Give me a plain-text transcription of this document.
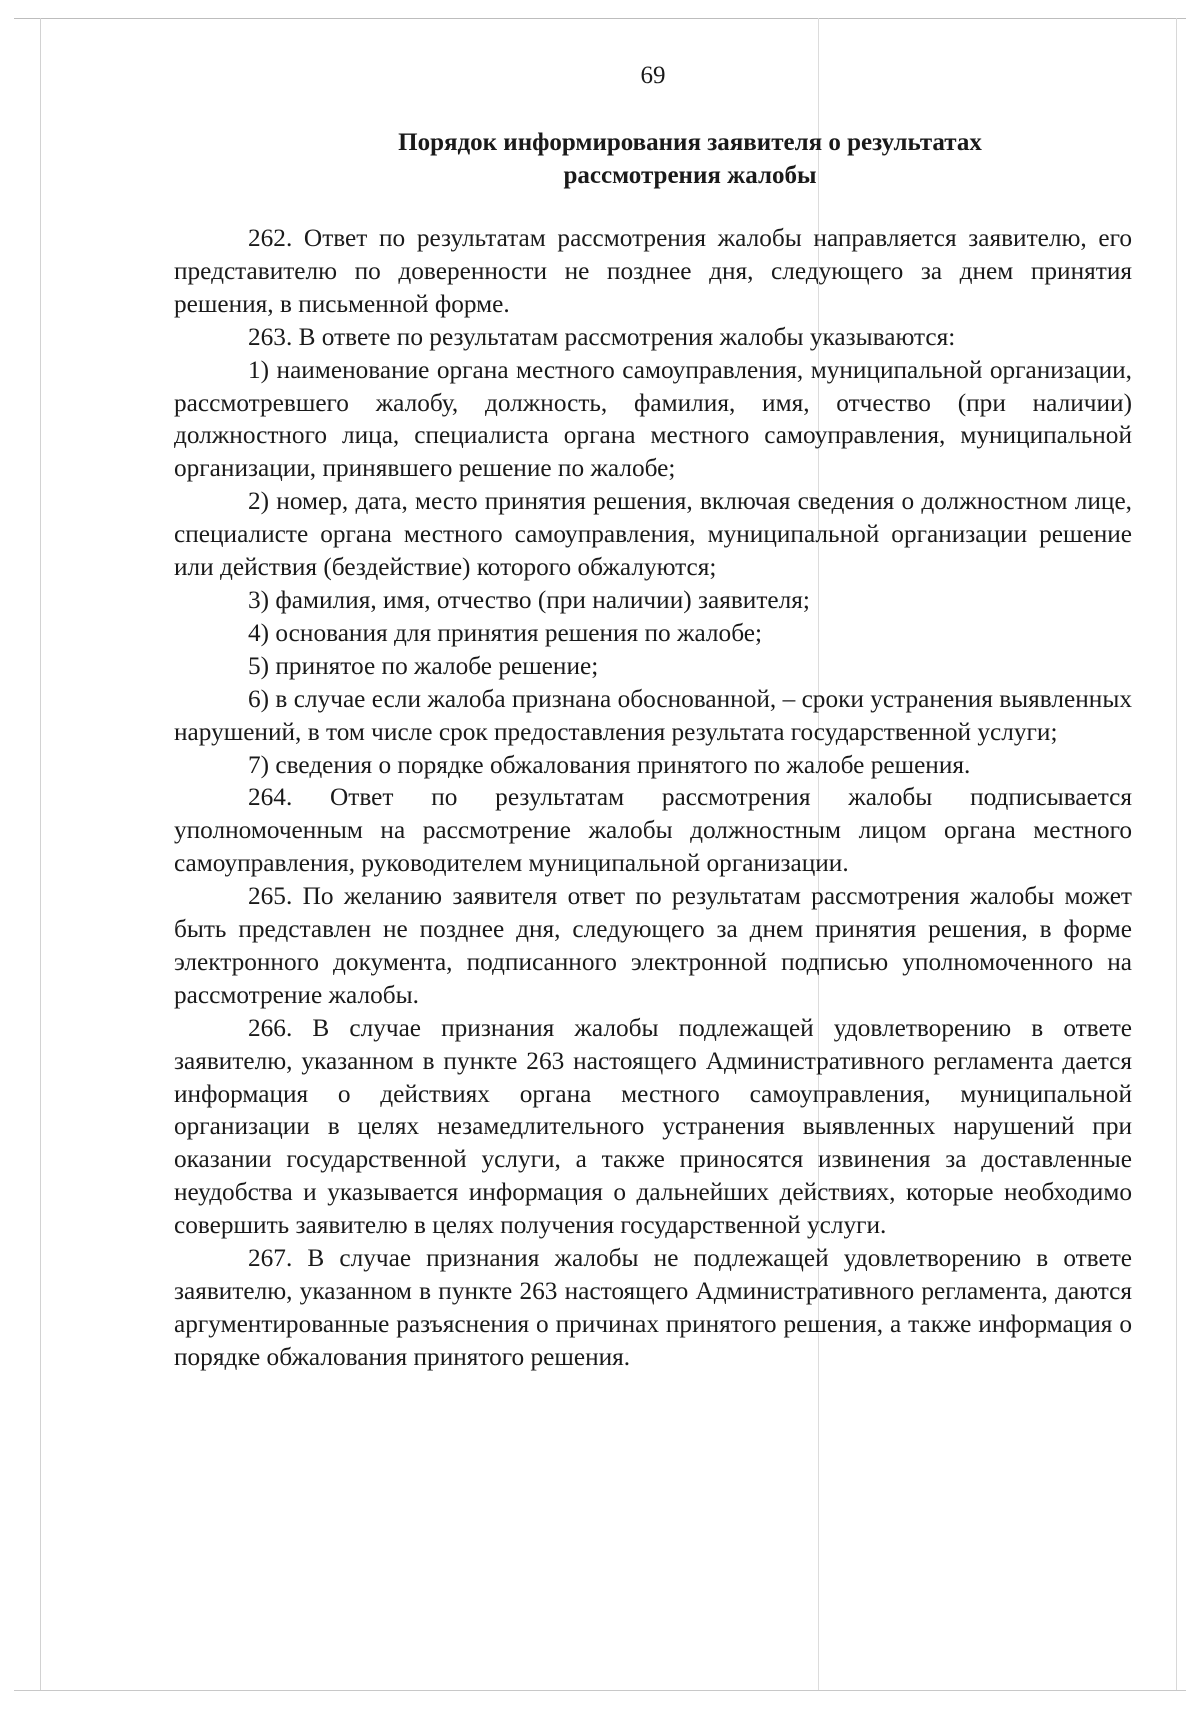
69
Порядок информирования заявителя о результатах
рассмотрения жалобы

262. Ответ по результатам рассмотрения жалобы направляется заявителю, его представителю по доверенности не позднее дня, следующего за днем принятия решения, в письменной форме.

263. В ответе по результатам рассмотрения жалобы указываются:

1) наименование органа местного самоуправления, муниципальной организации, рассмотревшего жалобу, должность, фамилия, имя, отчество (при наличии) должностного лица, специалиста органа местного самоуправления, муниципальной организации, принявшего решение по жалобе;

2) номер, дата, место принятия решения, включая сведения о должностном лице, специалисте органа местного самоуправления, муниципальной организации решение или действия (бездействие) которого обжалуются;

3) фамилия, имя, отчество (при наличии) заявителя;

4) основания для принятия решения по жалобе;

5) принятое по жалобе решение;

6) в случае если жалоба признана обоснованной, – сроки устранения выявленных нарушений, в том числе срок предоставления результата государственной услуги;

7) сведения о порядке обжалования принятого по жалобе решения.

264. Ответ по результатам рассмотрения жалобы подписывается уполномоченным на рассмотрение жалобы должностным лицом органа местного самоуправления, руководителем муниципальной организации.

265. По желанию заявителя ответ по результатам рассмотрения жалобы может быть представлен не позднее дня, следующего за днем принятия решения, в форме электронного документа, подписанного электронной подписью уполномоченного на рассмотрение жалобы.

266. В случае признания жалобы подлежащей удовлетворению в ответе заявителю, указанном в пункте 263 настоящего Административного регламента дается информация о действиях органа местного самоуправления, муниципальной организации в целях незамедлительного устранения выявленных нарушений при оказании государственной услуги, а также приносятся извинения за доставленные неудобства и указывается информация о дальнейших действиях, которые необходимо совершить заявителю в целях получения государственной услуги.

267. В случае признания жалобы не подлежащей удовлетворению в ответе заявителю, указанном в пункте 263 настоящего Административного регламента, даются аргументированные разъяснения о причинах принятого решения, а также информация о порядке обжалования принятого решения.
